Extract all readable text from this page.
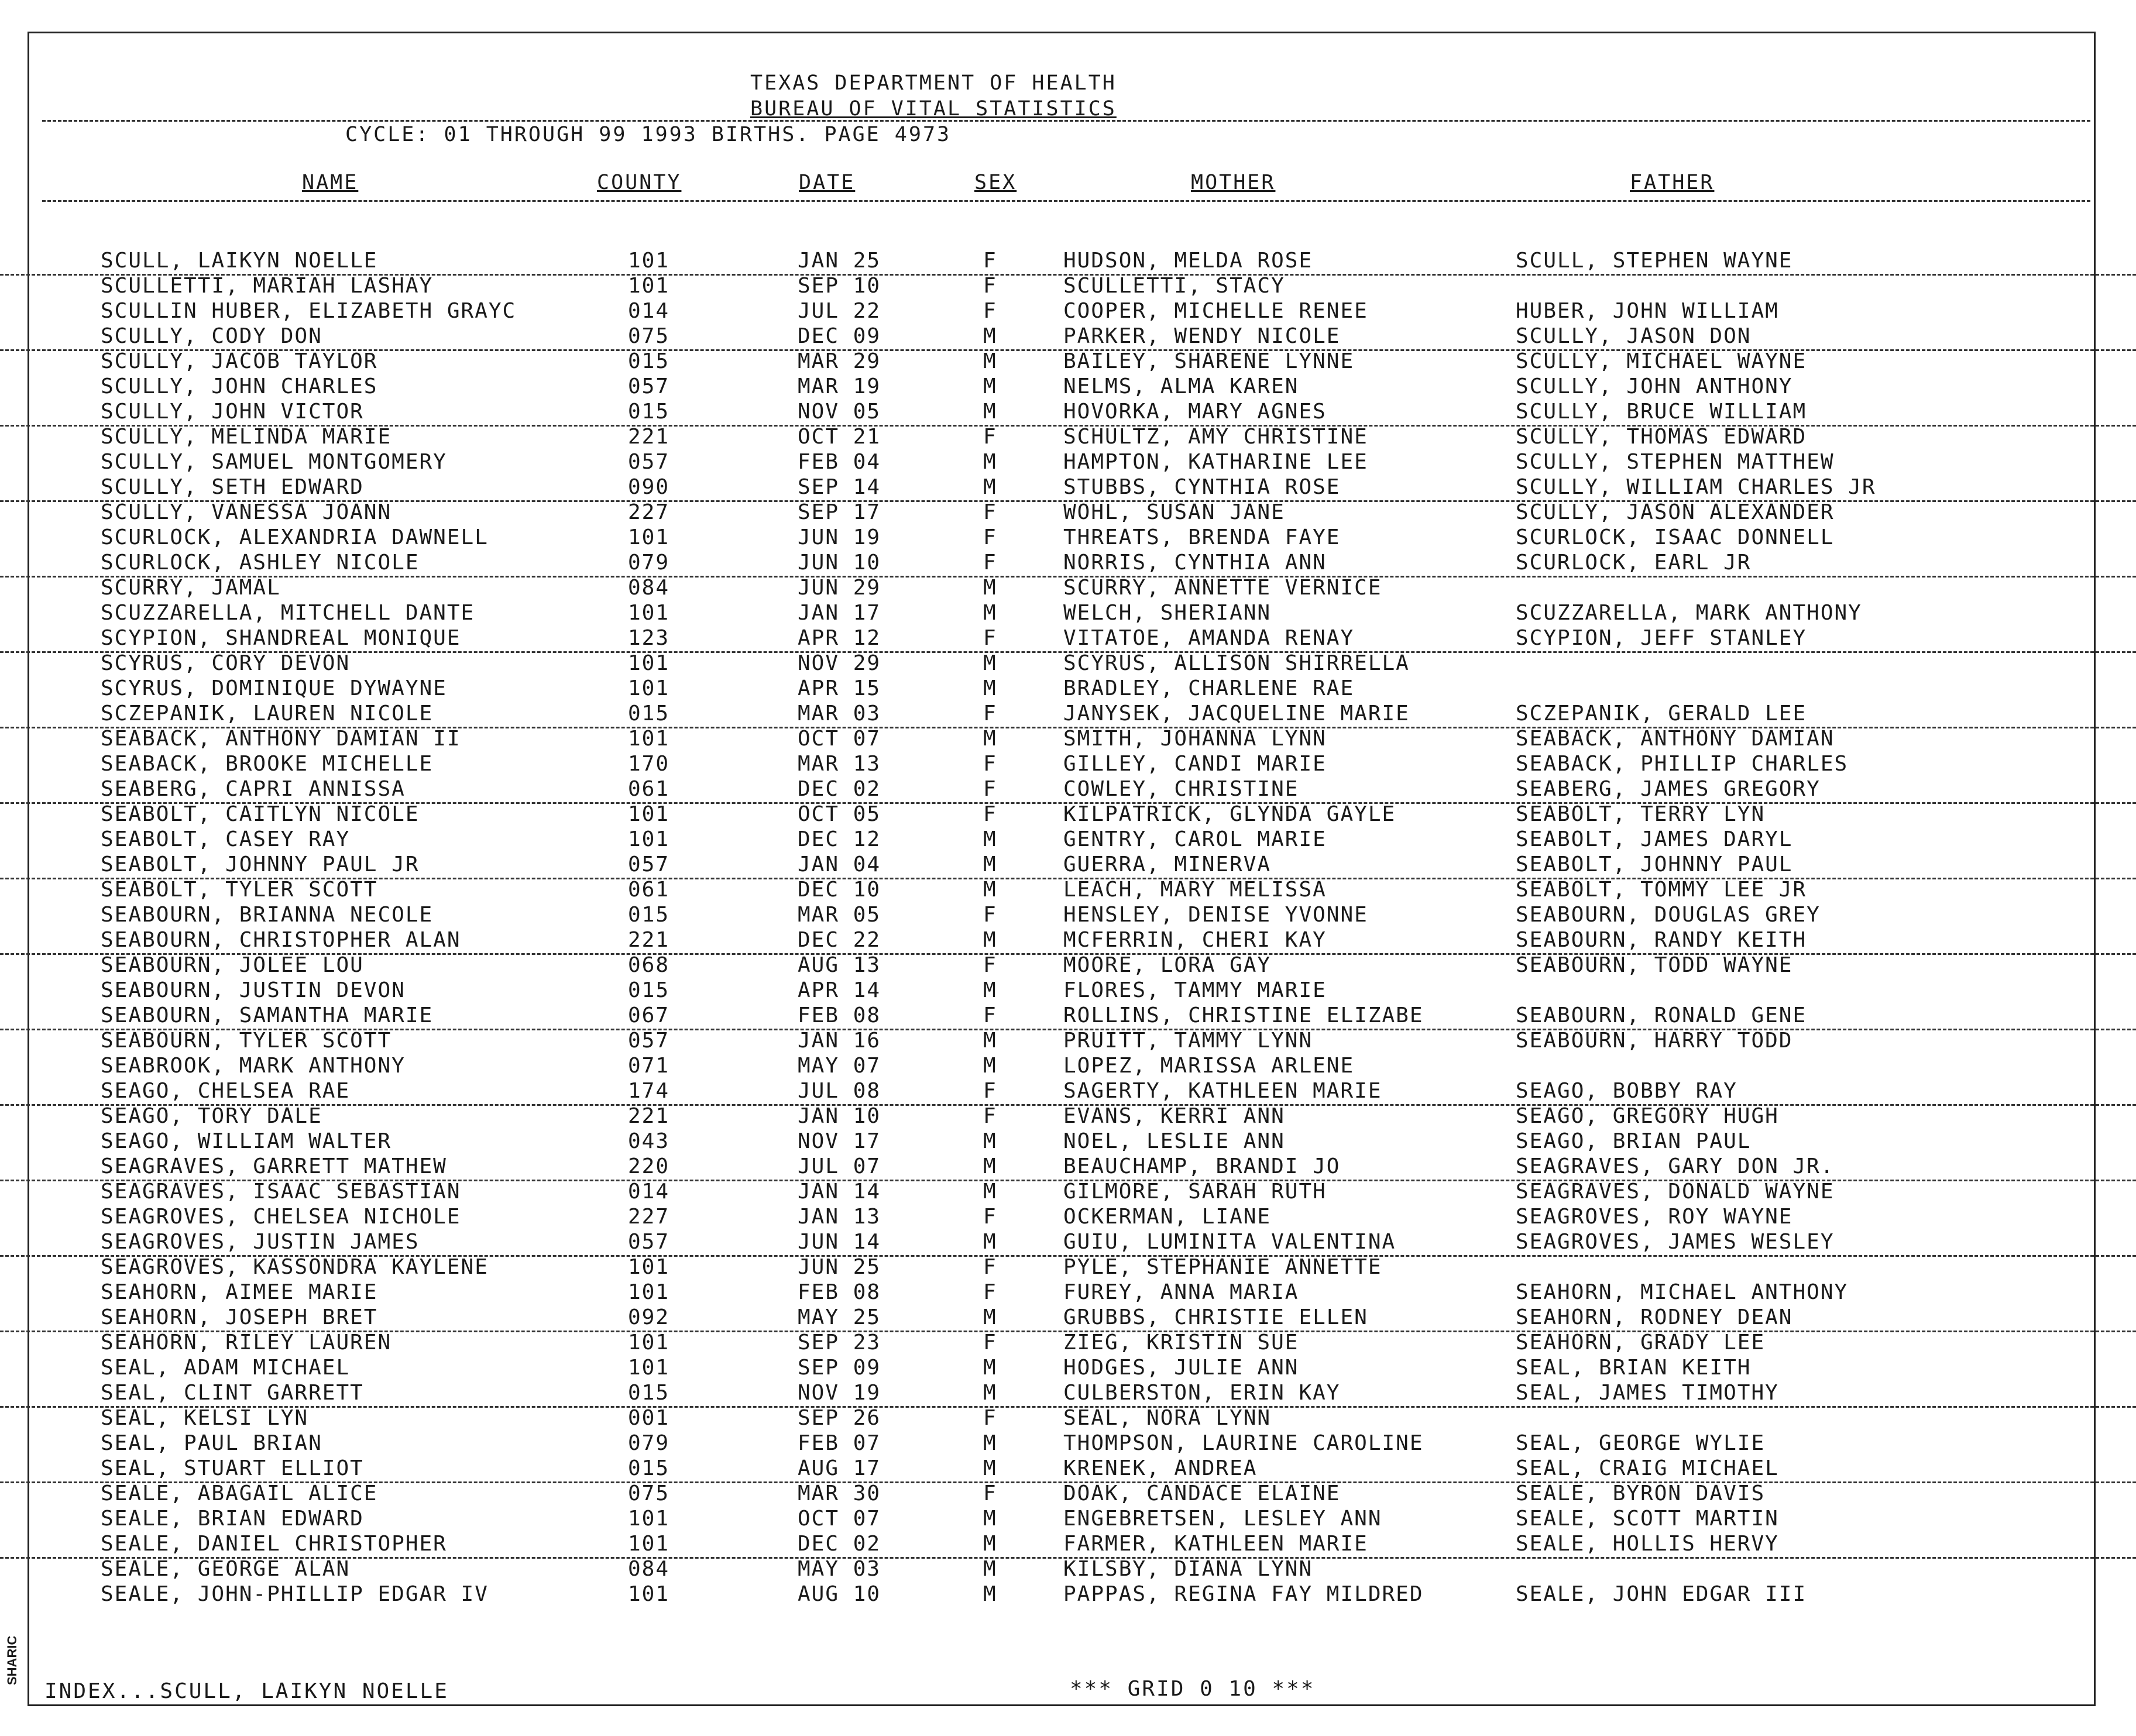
TEXAS DEPARTMENT OF HEALTH
BUREAU OF VITAL STATISTICS
CYCLE: 01 THROUGH 99 1993 BIRTHS. PAGE 4973
NAME	COUNTY	DATE	SEX	MOTHER	FATHER
SCULL, LAIKYN NOELLE	101	JAN 25	F	HUDSON, MELDA ROSE	SCULL, STEPHEN WAYNE
SCULLETTI, MARIAH LASHAY	101	SEP 10	F	SCULLETTI, STACY
SCULLIN HUBER, ELIZABETH GRAYC	014	JUL 22	F	COOPER, MICHELLE RENEE	HUBER, JOHN WILLIAM
SCULLY, CODY DON	075	DEC 09	M	PARKER, WENDY NICOLE	SCULLY, JASON DON
SCULLY, JACOB TAYLOR	015	MAR 29	M	BAILEY, SHARENE LYNNE	SCULLY, MICHAEL WAYNE
SCULLY, JOHN CHARLES	057	MAR 19	M	NELMS, ALMA KAREN	SCULLY, JOHN ANTHONY
SCULLY, JOHN VICTOR	015	NOV 05	M	HOVORKA, MARY AGNES	SCULLY, BRUCE WILLIAM
SCULLY, MELINDA MARIE	221	OCT 21	F	SCHULTZ, AMY CHRISTINE	SCULLY, THOMAS EDWARD
SCULLY, SAMUEL MONTGOMERY	057	FEB 04	M	HAMPTON, KATHARINE LEE	SCULLY, STEPHEN MATTHEW
SCULLY, SETH EDWARD	090	SEP 14	M	STUBBS, CYNTHIA ROSE	SCULLY, WILLIAM CHARLES JR
SCULLY, VANESSA JOANN	227	SEP 17	F	WOHL, SUSAN JANE	SCULLY, JASON ALEXANDER
SCURLOCK, ALEXANDRIA DAWNELL	101	JUN 19	F	THREATS, BRENDA FAYE	SCURLOCK, ISAAC DONNELL
SCURLOCK, ASHLEY NICOLE	079	JUN 10	F	NORRIS, CYNTHIA ANN	SCURLOCK, EARL JR
SCURRY, JAMAL	084	JUN 29	M	SCURRY, ANNETTE VERNICE
SCUZZARELLA, MITCHELL DANTE	101	JAN 17	M	WELCH, SHERIANN	SCUZZARELLA, MARK ANTHONY
SCYPION, SHANDREAL MONIQUE	123	APR 12	F	VITATOE, AMANDA RENAY	SCYPION, JEFF STANLEY
SCYRUS, CORY DEVON	101	NOV 29	M	SCYRUS, ALLISON SHIRRELLA
SCYRUS, DOMINIQUE DYWAYNE	101	APR 15	M	BRADLEY, CHARLENE RAE
SCZEPANIK, LAUREN NICOLE	015	MAR 03	F	JANYSEK, JACQUELINE MARIE	SCZEPANIK, GERALD LEE
SEABACK, ANTHONY DAMIAN II	101	OCT 07	M	SMITH, JOHANNA LYNN	SEABACK, ANTHONY DAMIAN
SEABACK, BROOKE MICHELLE	170	MAR 13	F	GILLEY, CANDI MARIE	SEABACK, PHILLIP CHARLES
SEABERG, CAPRI ANNISSA	061	DEC 02	F	COWLEY, CHRISTINE	SEABERG, JAMES GREGORY
SEABOLT, CAITLYN NICOLE	101	OCT 05	F	KILPATRICK, GLYNDA GAYLE	SEABOLT, TERRY LYN
SEABOLT, CASEY RAY	101	DEC 12	M	GENTRY, CAROL MARIE	SEABOLT, JAMES DARYL
SEABOLT, JOHNNY PAUL JR	057	JAN 04	M	GUERRA, MINERVA	SEABOLT, JOHNNY PAUL
SEABOLT, TYLER SCOTT	061	DEC 10	M	LEACH, MARY MELISSA	SEABOLT, TOMMY LEE JR
SEABOURN, BRIANNA NECOLE	015	MAR 05	F	HENSLEY, DENISE YVONNE	SEABOURN, DOUGLAS GREY
SEABOURN, CHRISTOPHER ALAN	221	DEC 22	M	MCFERRIN, CHERI KAY	SEABOURN, RANDY KEITH
SEABOURN, JOLEE LOU	068	AUG 13	F	MOORE, LORA GAY	SEABOURN, TODD WAYNE
SEABOURN, JUSTIN DEVON	015	APR 14	M	FLORES, TAMMY MARIE
SEABOURN, SAMANTHA MARIE	067	FEB 08	F	ROLLINS, CHRISTINE ELIZABE	SEABOURN, RONALD GENE
SEABOURN, TYLER SCOTT	057	JAN 16	M	PRUITT, TAMMY LYNN	SEABOURN, HARRY TODD
SEABROOK, MARK ANTHONY	071	MAY 07	M	LOPEZ, MARISSA ARLENE
SEAGO, CHELSEA RAE	174	JUL 08	F	SAGERTY, KATHLEEN MARIE	SEAGO, BOBBY RAY
SEAGO, TORY DALE	221	JAN 10	F	EVANS, KERRI ANN	SEAGO, GREGORY HUGH
SEAGO, WILLIAM WALTER	043	NOV 17	M	NOEL, LESLIE ANN	SEAGO, BRIAN PAUL
SEAGRAVES, GARRETT MATHEW	220	JUL 07	M	BEAUCHAMP, BRANDI JO	SEAGRAVES, GARY DON JR.
SEAGRAVES, ISAAC SEBASTIAN	014	JAN 14	M	GILMORE, SARAH RUTH	SEAGRAVES, DONALD WAYNE
SEAGROVES, CHELSEA NICHOLE	227	JAN 13	F	OCKERMAN, LIANE	SEAGROVES, ROY WAYNE
SEAGROVES, JUSTIN JAMES	057	JUN 14	M	GUIU, LUMINITA VALENTINA	SEAGROVES, JAMES WESLEY
SEAGROVES, KASSONDRA KAYLENE	101	JUN 25	F	PYLE, STEPHANIE ANNETTE
SEAHORN, AIMEE MARIE	101	FEB 08	F	FUREY, ANNA MARIA	SEAHORN, MICHAEL ANTHONY
SEAHORN, JOSEPH BRET	092	MAY 25	M	GRUBBS, CHRISTIE ELLEN	SEAHORN, RODNEY DEAN
SEAHORN, RILEY LAUREN	101	SEP 23	F	ZIEG, KRISTIN SUE	SEAHORN, GRADY LEE
SEAL, ADAM MICHAEL	101	SEP 09	M	HODGES, JULIE ANN	SEAL, BRIAN KEITH
SEAL, CLINT GARRETT	015	NOV 19	M	CULBERSTON, ERIN KAY	SEAL, JAMES TIMOTHY
SEAL, KELSI LYN	001	SEP 26	F	SEAL, NORA LYNN
SEAL, PAUL BRIAN	079	FEB 07	M	THOMPSON, LAURINE CAROLINE	SEAL, GEORGE WYLIE
SEAL, STUART ELLIOT	015	AUG 17	M	KRENEK, ANDREA	SEAL, CRAIG MICHAEL
SEALE, ABAGAIL ALICE	075	MAR 30	F	DOAK, CANDACE ELAINE	SEALE, BYRON DAVIS
SEALE, BRIAN EDWARD	101	OCT 07	M	ENGEBRETSEN, LESLEY ANN	SEALE, SCOTT MARTIN
SEALE, DANIEL CHRISTOPHER	101	DEC 02	M	FARMER, KATHLEEN MARIE	SEALE, HOLLIS HERVY
SEALE, GEORGE ALAN	084	MAY 03	M	KILSBY, DIANA LYNN
SEALE, JOHN-PHILLIP EDGAR IV	101	AUG 10	M	PAPPAS, REGINA FAY MILDRED	SEALE, JOHN EDGAR III
INDEX...SCULL, LAIKYN NOELLE	*** GRID 0 10 ***
SHARIC
